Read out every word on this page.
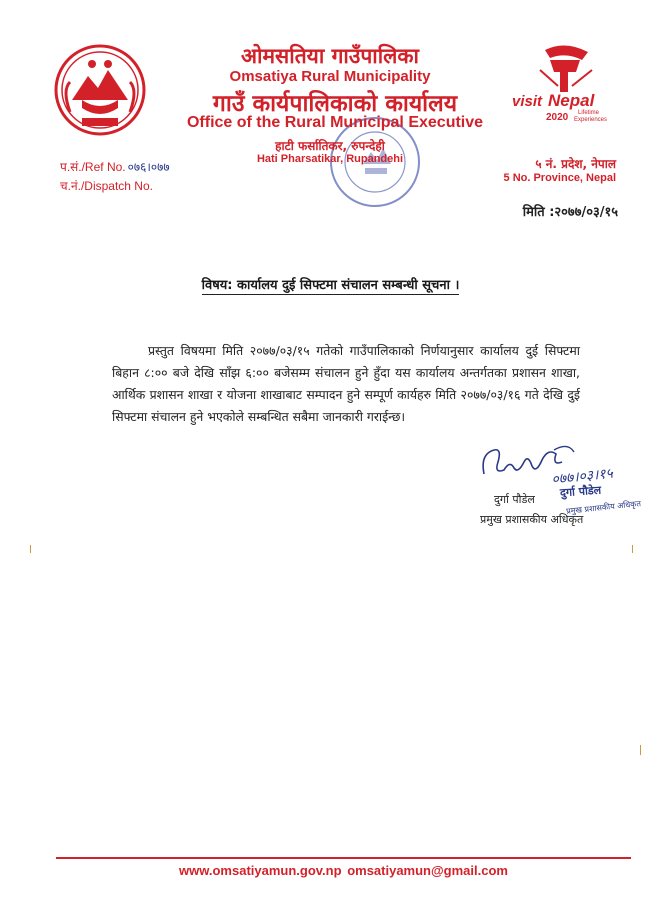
visit Nepal
2020 Lifetime
Experiences
ओमसतिया गाउँपालिका
Omsatiya Rural Municipality
गाउँ कार्यपालिकाको कार्यालय
Office of the Rural Municipal Executive
हाटी फर्सातिकर, रुपन्देही
Hati Pharsatikar, Rupandehi
प.सं./Ref No. ०७६।०७७
च.नं./Dispatch No.
५ नं. प्रदेश, नेपाल
5 No. Province, Nepal
मिति :२०७७/०३/१५
विषय: कार्यालय दुई सिफ्टमा संचालन सम्बन्धी सूचना ।
प्रस्तुत विषयमा मिति २०७७/०३/१५ गतेको गाउँपालिकाको निर्णयानुसार कार्यालय दुई सिफ्टमा बिहान ८:०० बजे देखि साँझ ६:०० बजेसम्म संचालन हुने हुँदा यस कार्यालय अन्तर्गतका प्रशासन शाखा, आर्थिक प्रशासन शाखा र योजना शाखाबाट सम्पादन हुने सम्पूर्ण कार्यहरु मिति २०७७/०३/१६ गते देखि दुई सिफ्टमा संचालन हुने भएकोले सम्बन्धित सबैमा जानकारी गराईन्छ।
०७७।०३।१५
दुर्गा पौडेल
प्रमुख प्रशासकीय अधिकृत
दुर्गा पौडेल
प्रमुख प्रशासकीय अधिकृत
www.omsatiyamun.gov.np omsatiyamun@gmail.com
